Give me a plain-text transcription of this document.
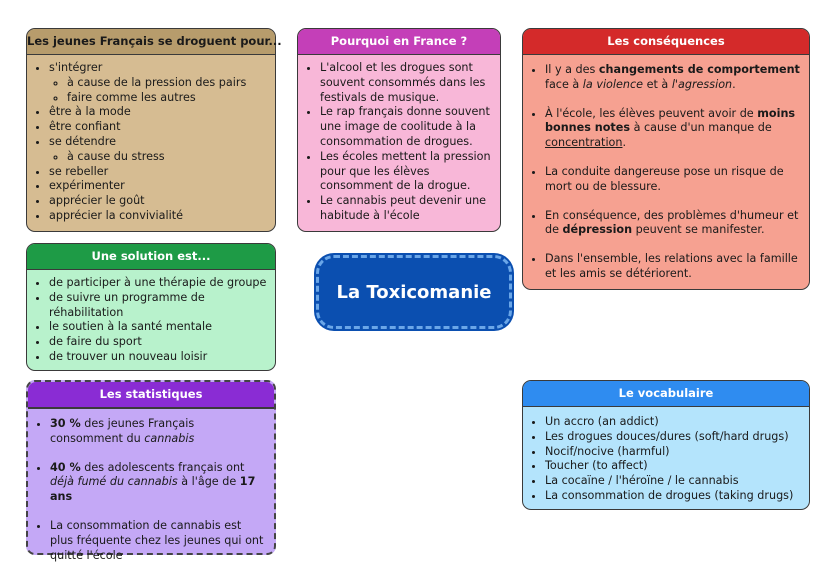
Les jeunes Français se droguent pour...
• s'intégrer
◦ à cause de la pression des pairs
◦ faire comme les autres
• être à la mode
• être confiant
• se détendre
◦ à cause du stress
• se rebeller
• expérimenter
• apprécier le goût
• apprécier la convivialité
Pourquoi en France ?
• L'alcool et les drogues sont souvent consommés dans les festivals de musique.
• Le rap français donne souvent une image de coolitude à la consommation de drogues.
• Les écoles mettent la pression pour que les élèves consomment de la drogue.
• Le cannabis peut devenir une habitude à l'école
Les conséquences
• Il y a des changements de comportement face à la violence et à l'agression.
• À l'école, les élèves peuvent avoir de moins bonnes notes à cause d'un manque de concentration.
• La conduite dangereuse pose un risque de mort ou de blessure.
• En conséquence, des problèmes d'humeur et de dépression peuvent se manifester.
• Dans l'ensemble, les relations avec la famille et les amis se détériorent.
Une solution est...
• de participer à une thérapie de groupe
• de suivre un programme de réhabilitation
• le soutien à la santé mentale
• de faire du sport
• de trouver un nouveau loisir
La Toxicomanie
Les statistiques
• 30 % des jeunes Français consomment du cannabis
• 40 % des adolescents français ont déjà fumé du cannabis à l'âge de 17 ans
• La consommation de cannabis est plus fréquente chez les jeunes qui ont quitté l'école
Le vocabulaire
• Un accro (an addict)
• Les drogues douces/dures (soft/hard drugs)
• Nocif/nocive (harmful)
• Toucher (to affect)
• La cocaïne / l'héroïne / le cannabis
• La consommation de drogues (taking drugs)
